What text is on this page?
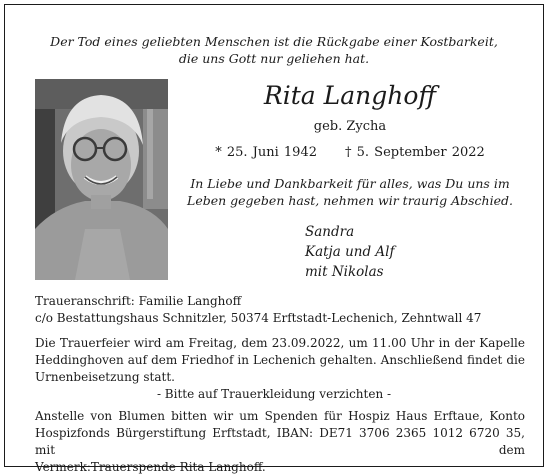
Der Tod eines geliebten Menschen ist die Rückgabe einer Kostbarkeit,
die uns Gott nur geliehen hat.
Rita Langhoff
geb. Zycha
* 25. Juni 1942 † 5. September 2022
In Liebe und Dankbarkeit für alles, was Du uns im
Leben gegeben hast, nehmen wir traurig Abschied.
Sandra
Katja und Alf
mit Nikolas
Traueranschrift: Familie Langhoff
c/o Bestattungshaus Schnitzler, 50374 Erftstadt-Lechenich, Zehntwall 47
Die Trauerfeier wird am Freitag, dem 23.09.2022, um 11.00 Uhr in der Kapelle
Heddinghoven auf dem Friedhof in Lechenich gehalten. Anschließend findet die
Urnenbeisetzung statt.
- Bitte auf Trauerkleidung verzichten -
Anstelle von Blumen bitten wir um Spenden für Hospiz Haus Erftaue, Konto
Hospizfonds Bürgerstiftung Erftstadt, IBAN: DE71 3706 2365 1012 6720 35, mit dem
Vermerk:Trauerspende Rita Langhoff.
